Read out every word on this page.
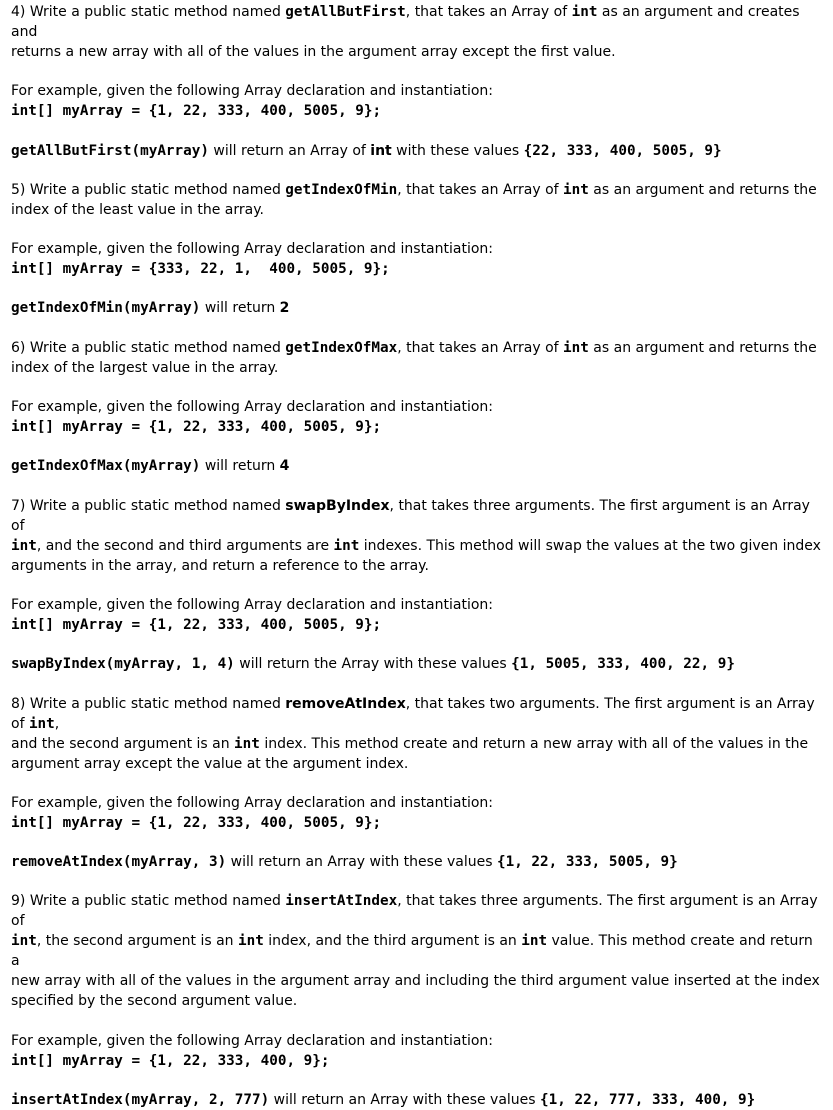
4) Write a public static method named getAllButFirst, that takes an Array of int as an argument and creates and

returns a new array with all of the values in the argument array except the first value.

For example, given the following Array declaration and instantiation:

int[] myArray = {1, 22, 333, 400, 5005, 9};

getAllButFirst(myArray) will return an Array of int with these values {22, 333, 400, 5005, 9}

5) Write a public static method named getIndexOfMin, that takes an Array of int as an argument and returns the

index of the least value in the array.

For example, given the following Array declaration and instantiation:

int[] myArray = {333, 22, 1,  400, 5005, 9};

getIndexOfMin(myArray) will return 2

6) Write a public static method named getIndexOfMax, that takes an Array of int as an argument and returns the

index of the largest value in the array.

For example, given the following Array declaration and instantiation:

int[] myArray = {1, 22, 333, 400, 5005, 9};

getIndexOfMax(myArray) will return 4

7) Write a public static method named swapByIndex, that takes three arguments. The first argument is an Array of

int, and the second and third arguments are int indexes. This method will swap the values at the two given index

arguments in the array, and return a reference to the array.

For example, given the following Array declaration and instantiation:

int[] myArray = {1, 22, 333, 400, 5005, 9};

swapByIndex(myArray, 1, 4) will return the Array with these values {1, 5005, 333, 400, 22, 9}

8) Write a public static method named removeAtIndex, that takes two arguments. The first argument is an Array of int,

and the second argument is an int index. This method create and return a new array with all of the values in the

argument array except the value at the argument index.

For example, given the following Array declaration and instantiation:

int[] myArray = {1, 22, 333, 400, 5005, 9};

removeAtIndex(myArray, 3) will return an Array with these values {1, 22, 333, 5005, 9}

9) Write a public static method named insertAtIndex, that takes three arguments. The first argument is an Array of

int, the second argument is an int index, and the third argument is an int value. This method create and return a

new array with all of the values in the argument array and including the third argument value inserted at the index

specified by the second argument value.

For example, given the following Array declaration and instantiation:

int[] myArray = {1, 22, 333, 400, 9};

insertAtIndex(myArray, 2, 777) will return an Array with these values {1, 22, 777, 333, 400, 9}
